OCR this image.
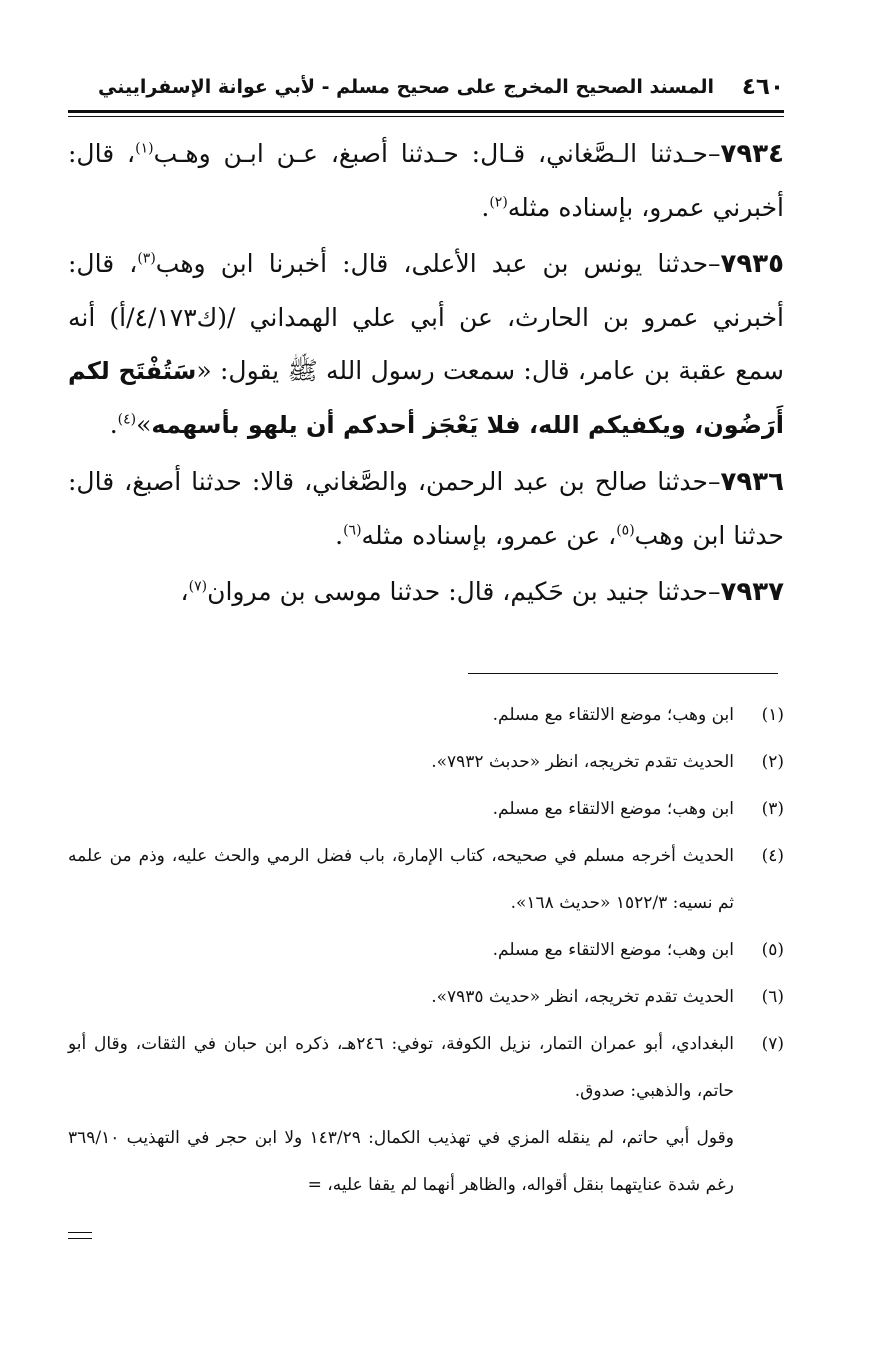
٤٦٠
المسند الصحيح المخرج على صحيح مسلم - لأبي عوانة الإسفراييني

٧٩٣٤–حـدثنا الـصَّغاني، قـال: حـدثنا أصبغ، عـن ابـن وهـب$^{(١)}$، قال: أخبرني عمرو، بإسناده مثله$^{(٢)}$.

٧٩٣٥–حدثنا يونس بن عبد الأعلى، قال: أخبرنا ابن وهب$^{(٣)}$، قال: أخبرني عمرو بن الحارث، عن أبي علي الهمداني /(ك٤/١٧٣/أ) أنه سمع عقبة بن عامر، قال: سمعت رسول الله ﷺ يقول: «سَتُفْتَح لكم أَرَضُون، ويكفيكم الله، فلا يَعْجَز أحدكم أن يلهو بأسهمه»$^{(٤)}$.

٧٩٣٦–حدثنا صالح بن عبد الرحمن، والصَّغاني، قالا: حدثنا أصبغ، قال: حدثنا ابن وهب$^{(٥)}$، عن عمرو، بإسناده مثله$^{(٦)}$.

٧٩٣٧–حدثنا جنيد بن حَكيم، قال: حدثنا موسى بن مروان$^{(٧)}$،

(١)
ابن وهب؛ موضع الالتقاء مع مسلم.
(٢)
الحديث تقدم تخريجه، انظر «حدبث ٧٩٣٢».
(٣)
ابن وهب؛ موضع الالتقاء مع مسلم.
(٤)
الحديث أخرجه مسلم في صحيحه، كتاب الإمارة، باب فضل الرمي والحث عليه، وذم من علمه ثم نسيه: ١٥٢٢/٣ «حديث ١٦٨».
(٥)
ابن وهب؛ موضع الالتقاء مع مسلم.
(٦)
الحديث تقدم تخريجه، انظر «حديث ٧٩٣٥».
(٧)
البغدادي، أبو عمران التمار، نزيل الكوفة، توفي: ٢٤٦هـ، ذكره ابن حبان في الثقات، وقال أبو حاتم، والذهبي: صدوق.
وقول أبي حاتم، لم ينقله المزي في تهذيب الكمال: ١٤٣/٢٩ ولا ابن حجر في التهذيب ٣٦٩/١٠ رغم شدة عنايتهما بنقل أقواله، والظاهر أنهما لم يقفا عليه، =
